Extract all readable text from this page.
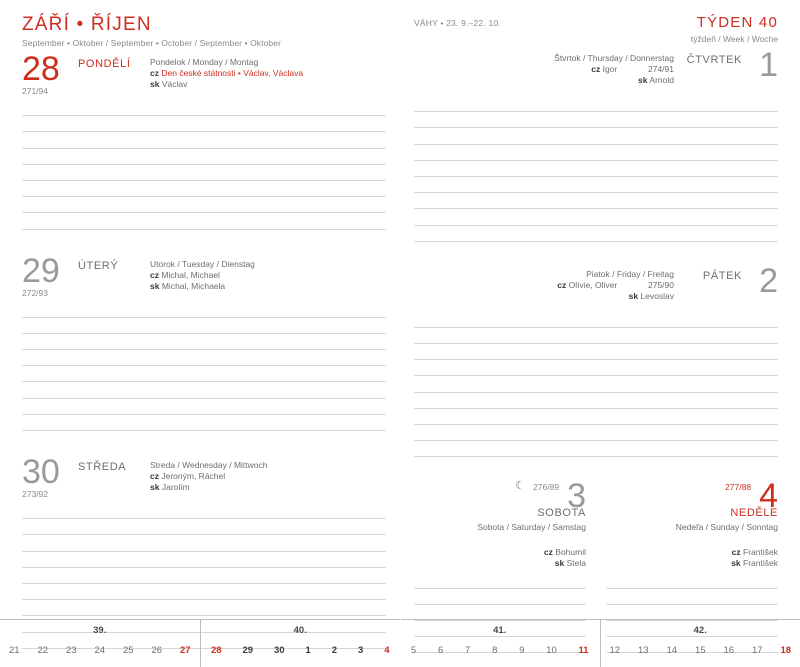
ZÁŘÍ • ŘÍJEN
September • Oktober / September • October / September • Oktober
28
271/94
PONDĚLÍ	Pondelok / Monday / Montag
cz Den české státnosti • Václav, Václava
sk Václav
29
272/93
ÚTERÝ	Utorok / Tuesday / Dienstag
cz Michal, Michael
sk Michal, Michaela
30
273/92
STŘEDA	Streda / Wednesday / Mittwoch
cz Jeroným, Ráchel
sk Jarolím
39.
21 22 23 24 25 26 27
40.
28 29 30 1 2 3 4
VÁHY • 23. 9.–22. 10.	TÝDEN 40
týždeň / Week / Woche
Štvrtok / Thursday / Donnerstag
cz Igor	274/91
sk Arnold
ČTVRTEK 1
Piatok / Friday / Freitag
cz Olívie, Oliver	275/90
sk Levoslav
PÁTEK 2
☾ 276/89 3
SOBOTA
Sobota / Saturday / Samstag
cz Bohumil
sk Stela
277/88 4
NEDĚLE
Nedeľa / Sunday / Sonntag
cz František
sk František
41.
5 6 7 8 9 10 11
42.
12 13 14 15 16 17 18
